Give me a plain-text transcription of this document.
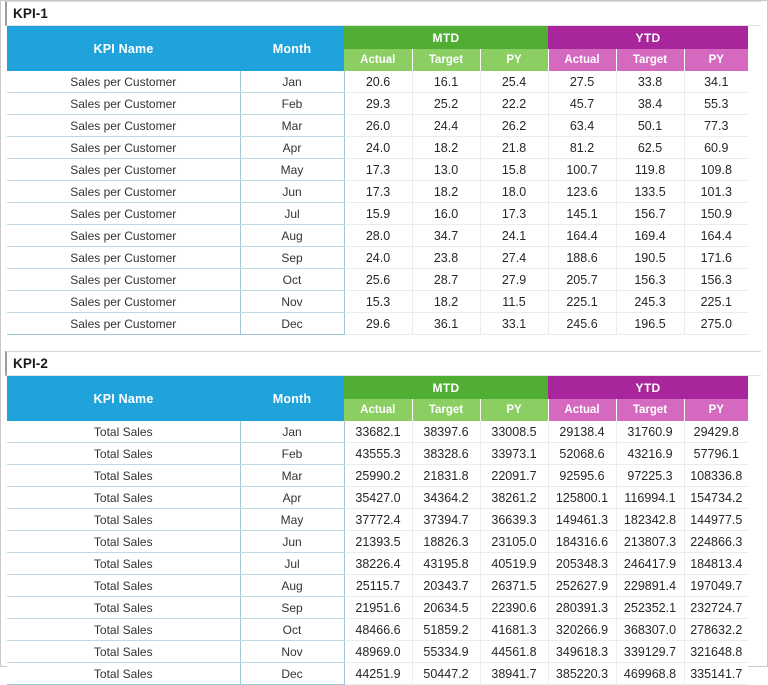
KPI-1
KPI Name	Month	MTD			YTD		
		Actual	Target	PY	Actual	Target	PY
Sales per Customer	Jan	20.6	16.1	25.4	27.5	33.8	34.1
Sales per Customer	Feb	29.3	25.2	22.2	45.7	38.4	55.3
Sales per Customer	Mar	26.0	24.4	26.2	63.4	50.1	77.3
Sales per Customer	Apr	24.0	18.2	21.8	81.2	62.5	60.9
Sales per Customer	May	17.3	13.0	15.8	100.7	119.8	109.8
Sales per Customer	Jun	17.3	18.2	18.0	123.6	133.5	101.3
Sales per Customer	Jul	15.9	16.0	17.3	145.1	156.7	150.9
Sales per Customer	Aug	28.0	34.7	24.1	164.4	169.4	164.4
Sales per Customer	Sep	24.0	23.8	27.4	188.6	190.5	171.6
Sales per Customer	Oct	25.6	28.7	27.9	205.7	156.3	156.3
Sales per Customer	Nov	15.3	18.2	11.5	225.1	245.3	225.1
Sales per Customer	Dec	29.6	36.1	33.1	245.6	196.5	275.0
KPI-2
KPI Name	Month	MTD			YTD		
		Actual	Target	PY	Actual	Target	PY
Total Sales	Jan	33682.1	38397.6	33008.5	29138.4	31760.9	29429.8
Total Sales	Feb	43555.3	38328.6	33973.1	52068.6	43216.9	57796.1
Total Sales	Mar	25990.2	21831.8	22091.7	92595.6	97225.3	108336.8
Total Sales	Apr	35427.0	34364.2	38261.2	125800.1	116994.1	154734.2
Total Sales	May	37772.4	37394.7	36639.3	149461.3	182342.8	144977.5
Total Sales	Jun	21393.5	18826.3	23105.0	184316.6	213807.3	224866.3
Total Sales	Jul	38226.4	43195.8	40519.9	205348.3	246417.9	184813.4
Total Sales	Aug	25115.7	20343.7	26371.5	252627.9	229891.4	197049.7
Total Sales	Sep	21951.6	20634.5	22390.6	280391.3	252352.1	232724.7
Total Sales	Oct	48466.6	51859.2	41681.3	320266.9	368307.0	278632.2
Total Sales	Nov	48969.0	55334.9	44561.8	349618.3	339129.7	321648.8
Total Sales	Dec	44251.9	50447.2	38941.7	385220.3	469968.8	335141.7
